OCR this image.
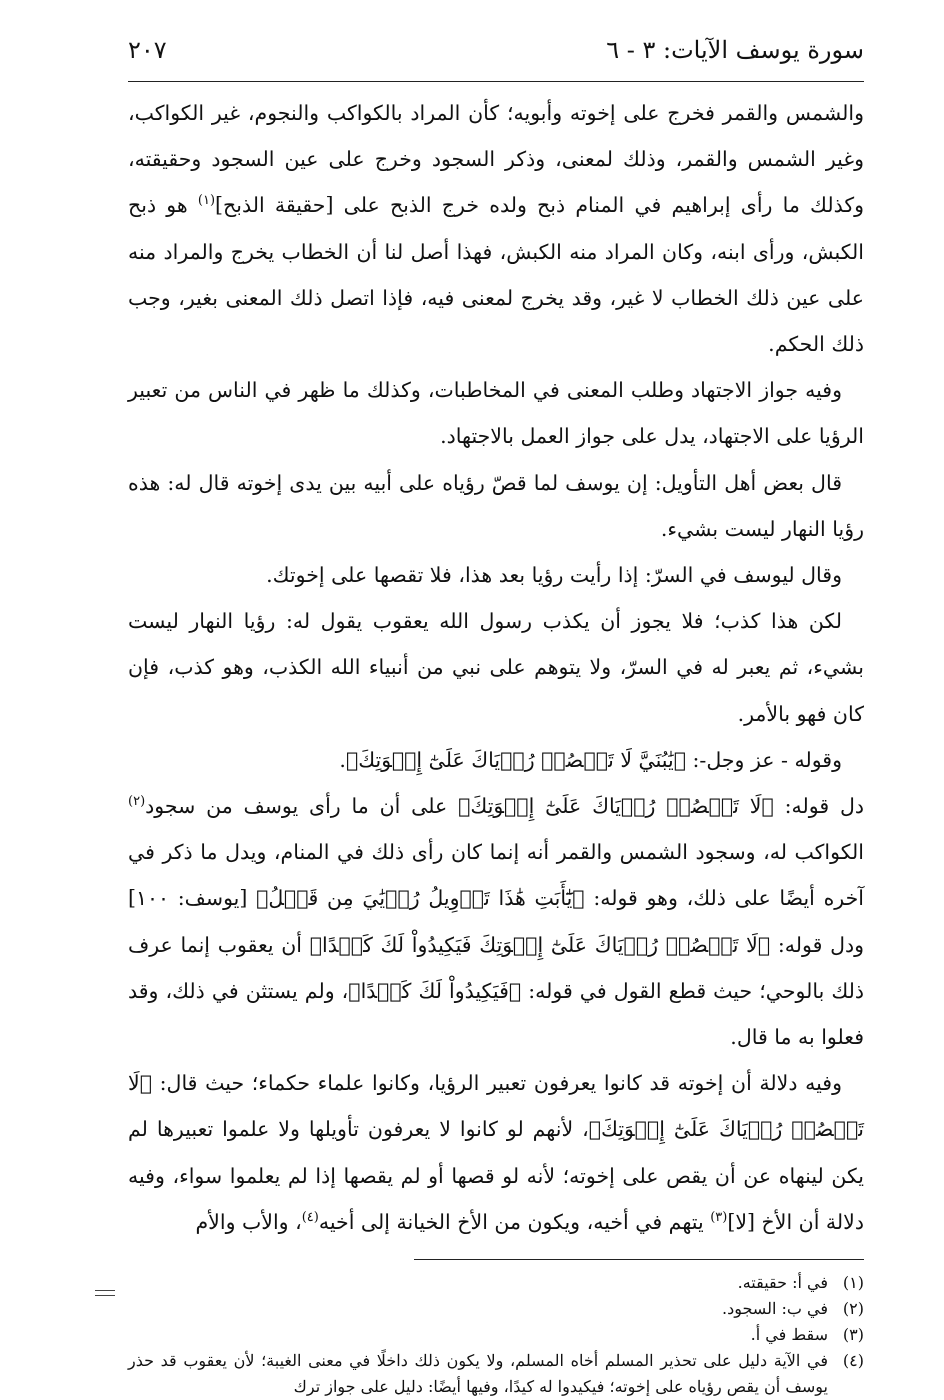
سورة يوسف الآيات: ٣ - ٦
٢٠٧

والشمس والقمر فخرج على إخوته وأبويه؛ كأن المراد بالكواكب والنجوم، غير الكواكب، وغير الشمس والقمر، وذلك لمعنى، وذكر السجود وخرج على عين السجود وحقيقته، وكذلك ما رأى إبراهيم في المنام ذبح ولده خرج الذبح على [حقيقة الذبح]$^{(١)}$ هو ذبح الكبش، ورأى ابنه، وكان المراد منه الكبش، فهذا أصل لنا أن الخطاب يخرج والمراد منه على عين ذلك الخطاب لا غير، وقد يخرج لمعنى فيه، فإذا اتصل ذلك المعنى بغير، وجب ذلك الحكم.

وفيه جواز الاجتهاد وطلب المعنى في المخاطبات، وكذلك ما ظهر في الناس من تعبير الرؤيا على الاجتهاد، يدل على جواز العمل بالاجتهاد.

قال بعض أهل التأويل: إن يوسف لما قصّ رؤياه على أبيه بين يدى إخوته قال له: هذه رؤيا النهار ليست بشيء.

وقال ليوسف في السرّ: إذا رأيت رؤيا بعد هذا، فلا تقصها على إخوتك.

لكن هذا كذب؛ فلا يجوز أن يكذب رسول الله يعقوب يقول له: رؤيا النهار ليست بشيء، ثم يعبر له في السرّ، ولا يتوهم على نبي من أنبياء الله الكذب، وهو كذب، فإن كان فهو بالأمر.

وقوله - عز وجل-: ﴿يَٰبُنَيَّ لَا تَقۡصُصۡ رُءۡيَاكَ عَلَىٰٓ إِخۡوَتِكَ﴾.

دل قوله: ﴿لَا تَقۡصُصۡ رُءۡيَاكَ عَلَىٰٓ إِخۡوَتِكَ﴾ على أن ما رأى يوسف من سجود$^{(٢)}$ الكواكب له، وسجود الشمس والقمر أنه إنما كان رأى ذلك في المنام، ويدل ما ذكر في آخره أيضًا على ذلك، وهو قوله: ﴿يَٰٓأَبَتِ هَٰذَا تَأۡوِيلُ رُءۡيَٰيَ مِن قَبۡلُ﴾ [يوسف: ١٠٠] ودل قوله: ﴿لَا تَقۡصُصۡ رُءۡيَاكَ عَلَىٰٓ إِخۡوَتِكَ فَيَكِيدُواْ لَكَ كَيۡدًا﴾ أن يعقوب إنما عرف ذلك بالوحي؛ حيث قطع القول في قوله: ﴿فَيَكِيدُواْ لَكَ كَيۡدًا﴾، ولم يستثن في ذلك، وقد فعلوا به ما قال.

وفيه دلالة أن إخوته قد كانوا يعرفون تعبير الرؤيا، وكانوا علماء حكماء؛ حيث قال: ﴿لَا تَقۡصُصۡ رُءۡيَاكَ عَلَىٰٓ إِخۡوَتِكَ﴾، لأنهم لو كانوا لا يعرفون تأويلها ولا علموا تعبيرها لم يكن لينهاه عن أن يقص على إخوته؛ لأنه لو قصها أو لم يقصها إذا لم يعلموا سواء، وفيه دلالة أن الأخ [لا]$^{(٣)}$ يتهم في أخيه، ويكون من الأخ الخيانة إلى أخيه$^{(٤)}$، والأب والأم

(١)
في أ: حقيقته.
(٢)
في ب: السجود.
(٣)
سقط في أ.
(٤)
في الآية دليل على تحذير المسلم أخاه المسلم، ولا يكون ذلك داخلًا في معنى الغيبة؛ لأن يعقوب قد حذر يوسف أن يقص رؤياه على إخوته؛ فيكيدوا له كيدًا، وفيها أيضًا: دليل على جواز ترك
